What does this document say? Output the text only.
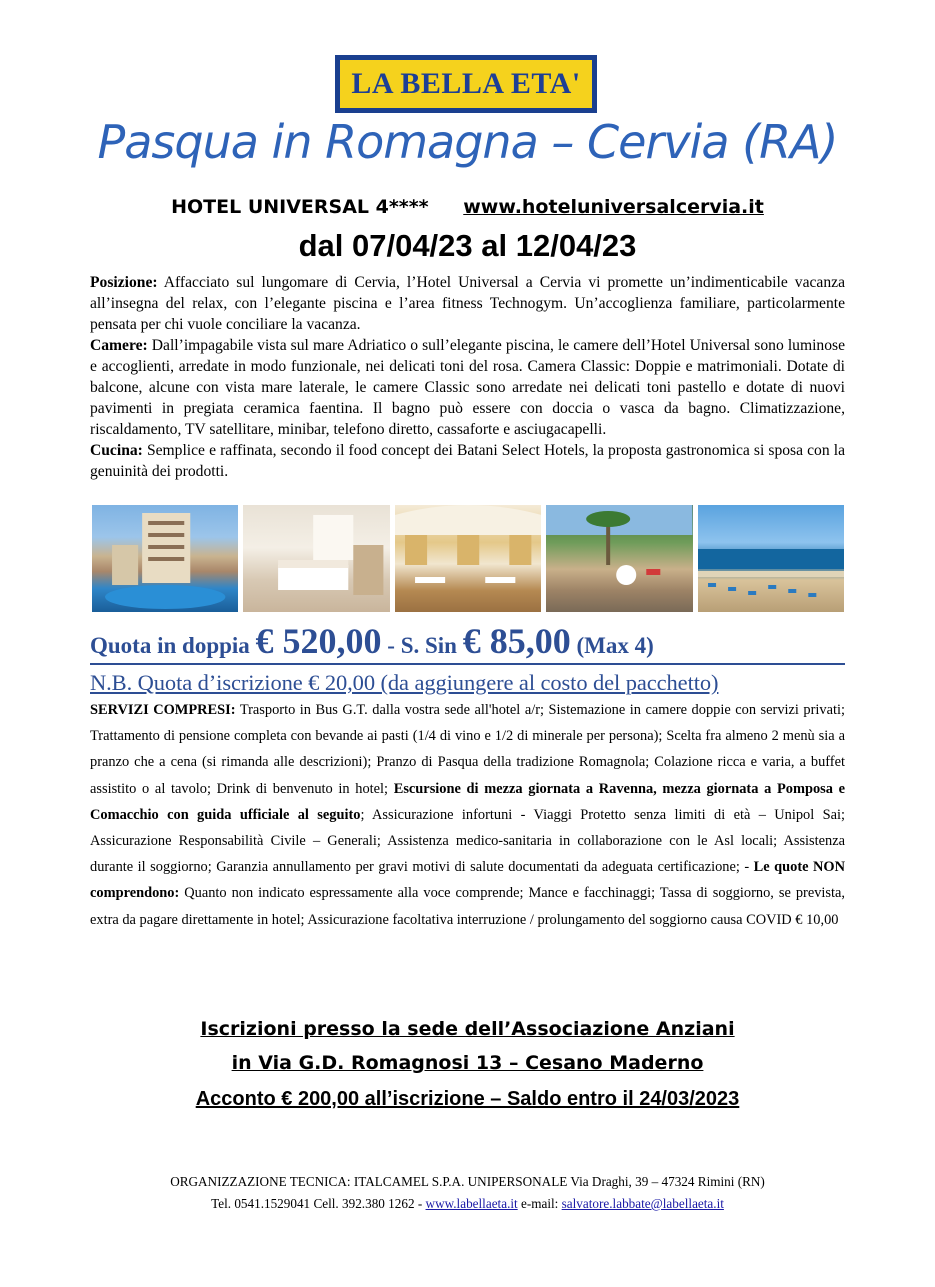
LA BELLA ETA'
Pasqua in Romagna – Cervia (RA)
HOTEL UNIVERSAL 4**** www.hoteluniversalcervia.it
dal 07/04/23 al 12/04/23

Posizione: Affacciato sul lungomare di Cervia, l’Hotel Universal a Cervia vi promette un’indimenticabile vacanza all’insegna del relax, con l’elegante piscina e l’area fitness Technogym. Un’accoglienza familiare, particolarmente pensata per chi vuole conciliare la vacanza.

Camere: Dall’impagabile vista sul mare Adriatico o sull’elegante piscina, le camere dell’Hotel Universal sono luminose e accoglienti, arredate in modo funzionale, nei delicati toni del rosa. Camera Classic: Doppie e matrimoniali. Dotate di balcone, alcune con vista mare laterale, le camere Classic sono arredate nei delicati toni pastello e dotate di nuovi pavimenti in pregiata ceramica faentina. Il bagno può essere con doccia o vasca da bagno. Climatizzazione, riscaldamento, TV satellitare, minibar, telefono diretto, cassaforte e asciugacapelli.

Cucina: Semplice e raffinata, secondo il food concept dei Batani Select Hotels, la proposta gastronomica si sposa con la genuinità dei prodotti.

Quota in doppia € 520,00 - S. Sin € 85,00 (Max 4)
N.B. Quota d’iscrizione € 20,00 (da aggiungere al costo del pacchetto)
SERVIZI COMPRESI: Trasporto in Bus G.T. dalla vostra sede all'hotel a/r; Sistemazione in camere doppie con servizi privati; Trattamento di pensione completa con bevande ai pasti (1/4 di vino e 1/2 di minerale per persona); Scelta fra almeno 2 menù sia a pranzo che a cena (si rimanda alle descrizioni); Pranzo di Pasqua della tradizione Romagnola; Colazione ricca e varia, a buffet assistito o al tavolo; Drink di benvenuto in hotel; Escursione di mezza giornata a Ravenna, mezza giornata a Pomposa e Comacchio con guida ufficiale al seguito; Assicurazione infortuni - Viaggi Protetto senza limiti di età – Unipol Sai; Assicurazione Responsabilità Civile – Generali; Assistenza medico-sanitaria in collaborazione con le Asl locali; Assistenza durante il soggiorno; Garanzia annullamento per gravi motivi di salute documentati da adeguata certificazione; - Le quote NON comprendono: Quanto non indicato espressamente alla voce comprende; Mance e facchinaggi; Tassa di soggiorno, se prevista, extra da pagare direttamente in hotel; Assicurazione facoltativa interruzione / prolungamento del soggiorno causa COVID € 10,00
Iscrizioni presso la sede dell’Associazione Anziani
in Via G.D. Romagnosi 13 – Cesano Maderno
Acconto € 200,00 all’iscrizione – Saldo entro il 24/03/2023
ORGANIZZAZIONE TECNICA: ITALCAMEL S.P.A. UNIPERSONALE Via Draghi, 39 – 47324 Rimini (RN)
Tel. 0541.1529041 Cell. 392.380 1262 - www.labellaeta.it e-mail: salvatore.labbate@labellaeta.it
